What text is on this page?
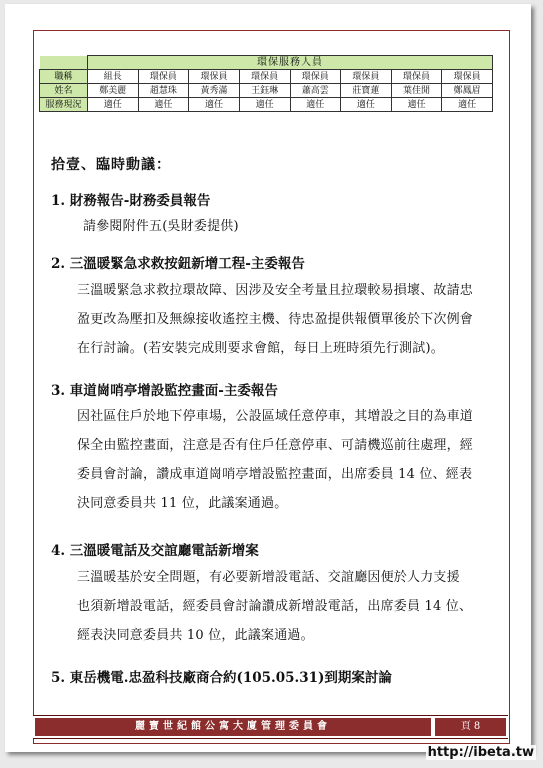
	環保服務人員							
職稱	組長	環保員	環保員	環保員	環保員	環保員	環保員	環保員
姓名	鄭美麗	趙慧珠	黃秀滿	王鈺琳	蕭高雲	莊寶蓮	葉佳閒	鄭鳳眉
服務現況	適任	適任	適任	適任	適任	適任	適任	適任
拾壹、臨時動議：
1. 財務報告-財務委員報告

請參閱附件五(吳財委提供)

2. 三溫暖緊急求救按鈕新增工程-主委報告

三溫暖緊急求救拉環故障、因涉及安全考量且拉環較易損壞、故請忠

盈更改為壓扣及無線接收遙控主機、待忠盈提供報價單後於下次例會

在行討論。(若安裝完成則要求會館，每日上班時須先行測試)。

3. 車道崗哨亭增設監控畫面-主委報告

因社區住戶於地下停車場，公設區域任意停車，其增設之目的為車道

保全由監控畫面，注意是否有住戶任意停車、可請機巡前往處理，經

委員會討論，讚成車道崗哨亭增設監控畫面，出席委員 14 位、經表

決同意委員共 11 位，此議案通過。

4. 三溫暖電話及交誼廳電話新增案

三溫暖基於安全問題，有必要新增設電話、交誼廳因便於人力支援

也須新增設電話，經委員會討論讚成新增設電話，出席委員 14 位、

經表決同意委員共 10 位，此議案通過。

5. 東岳機電.忠盈科技廠商合約(105.05.31)到期案討論
麗寶世紀館公寓大廈管理委員會	頁 8
http://ibeta.tw
